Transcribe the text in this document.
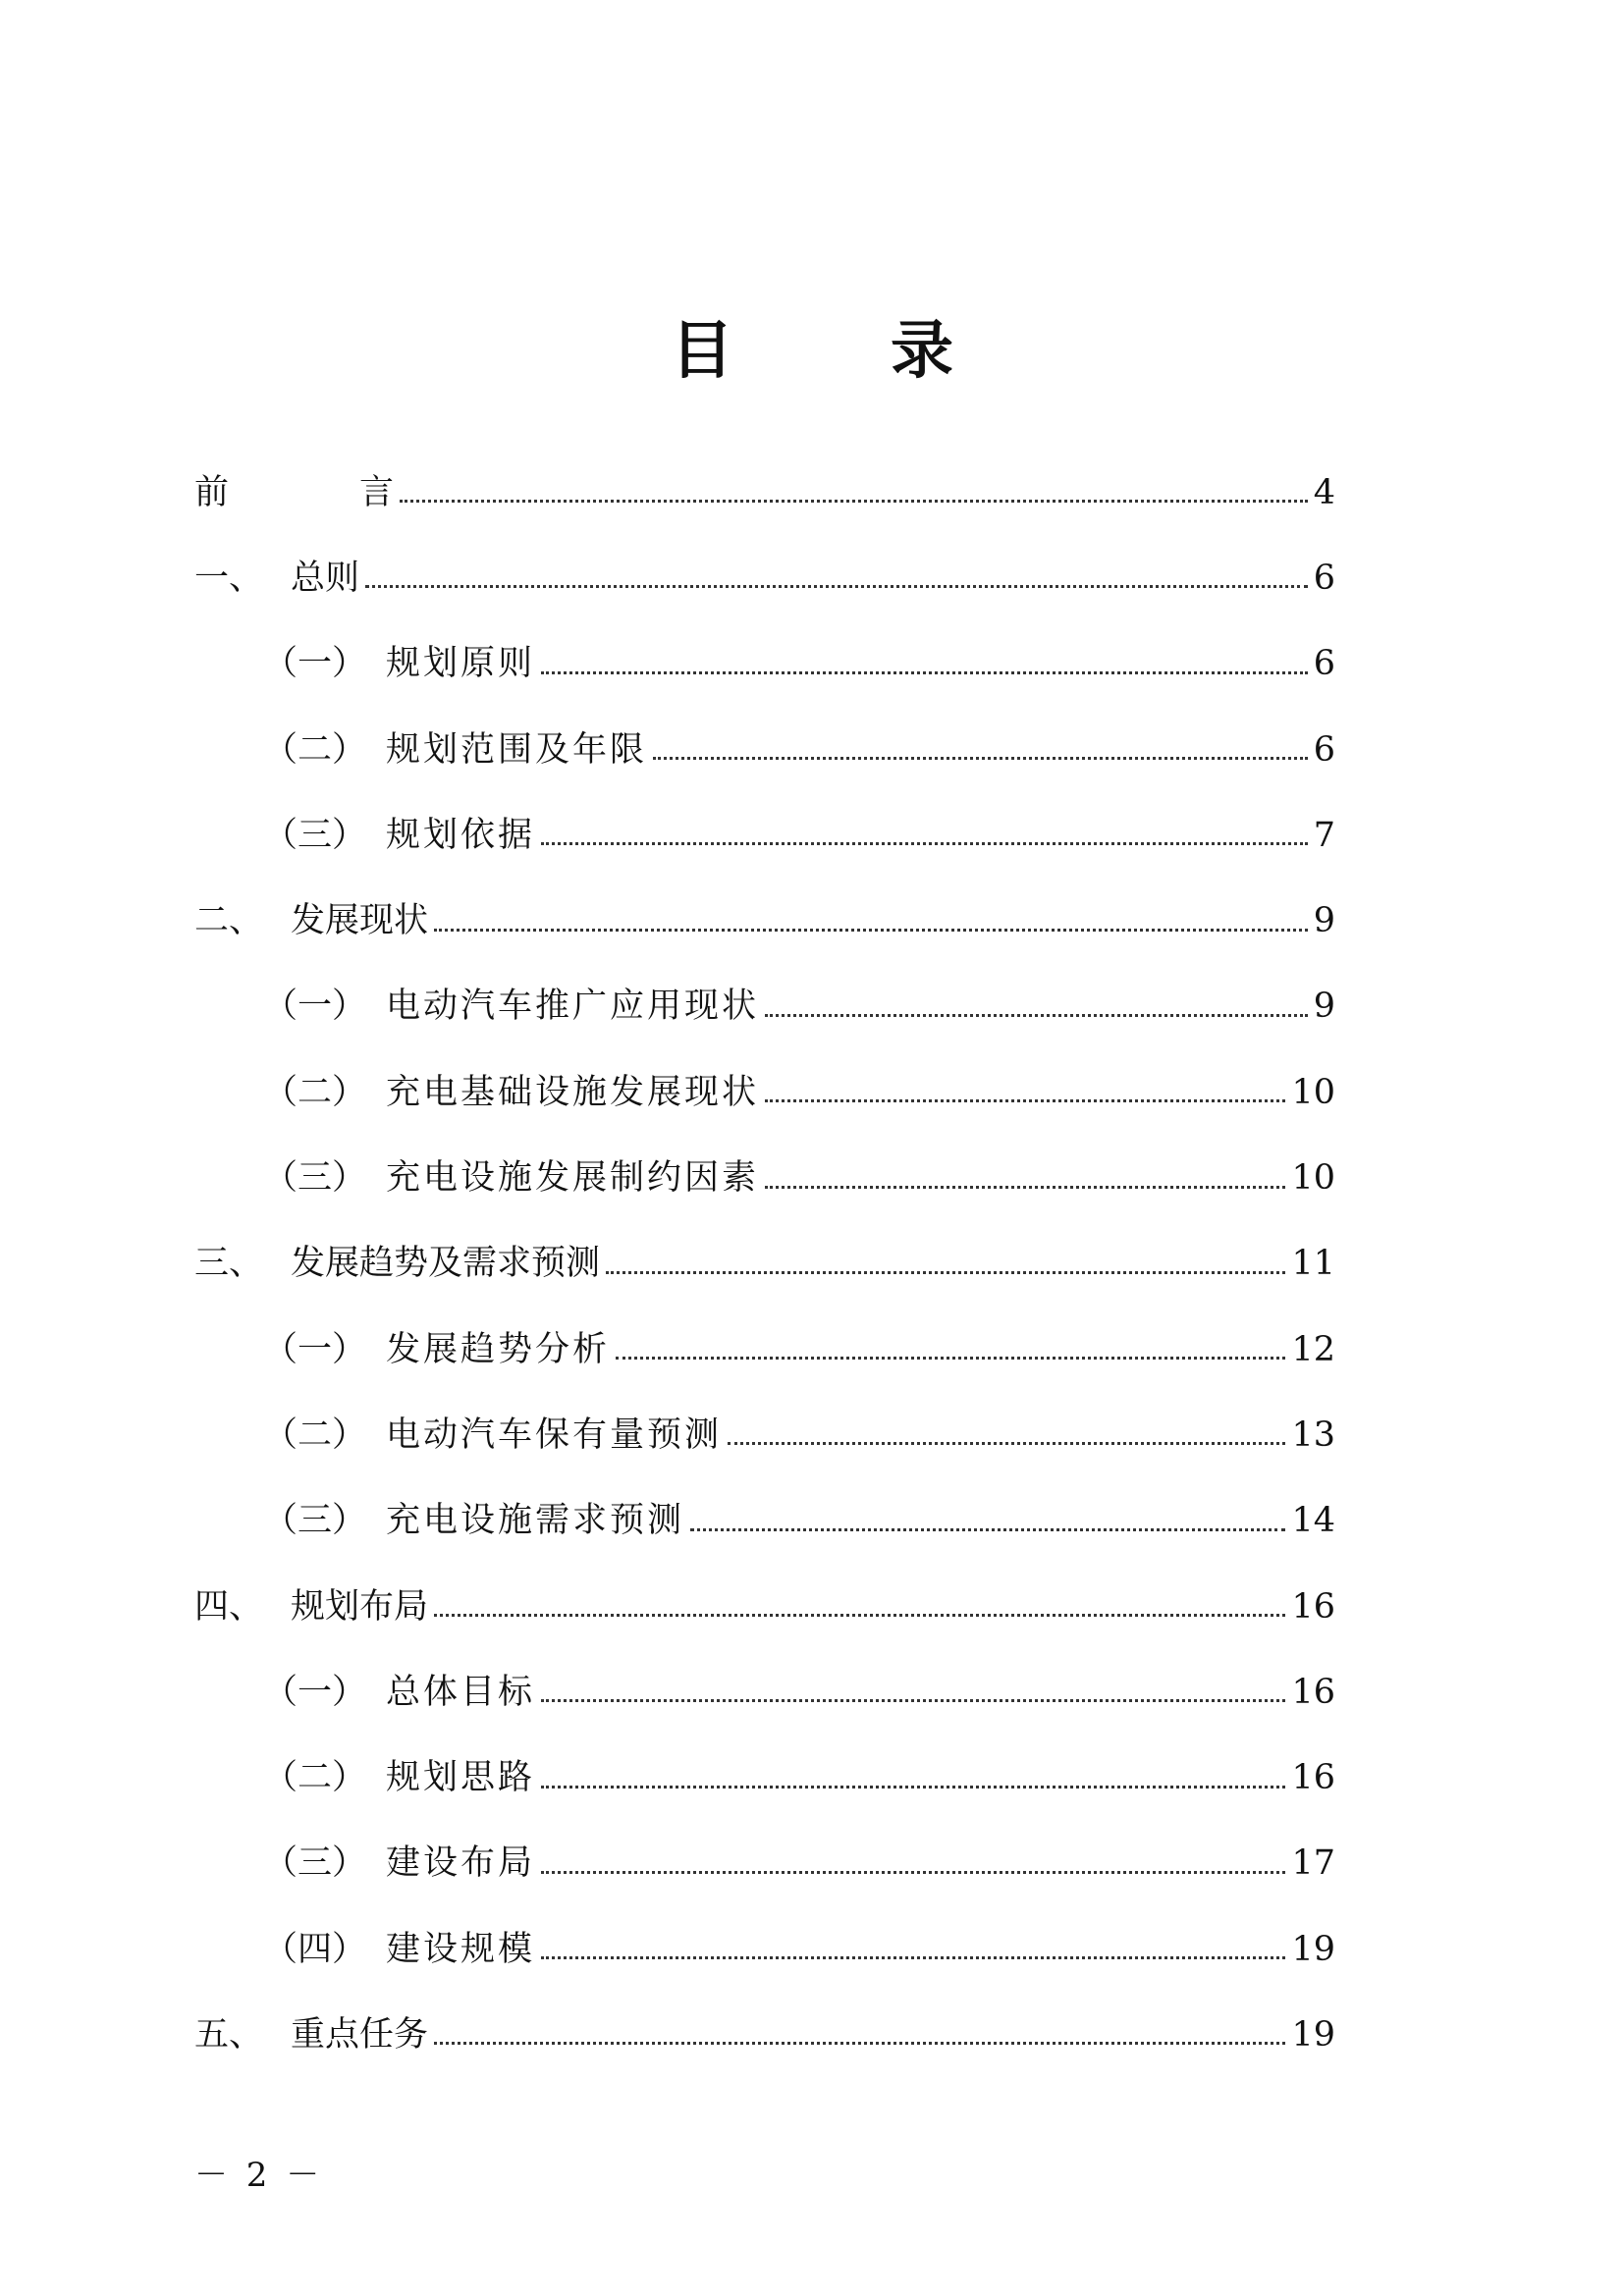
目　录
前	　　言	4
一、 总则	6
（一） 规划原则	6
（二） 规划范围及年限	6
（三） 规划依据	7
二、 发展现状	9
（一） 电动汽车推广应用现状	9
（二） 充电基础设施发展现状	10
（三） 充电设施发展制约因素	10
三、 发展趋势及需求预测	11
（一） 发展趋势分析	12
（二） 电动汽车保有量预测	13
（三） 充电设施需求预测	14
四、 规划布局	16
（一） 总体目标	16
（二） 规划思路	16
（三） 建设布局	17
（四） 建设规模	19
五、 重点任务	19
－ 2 －
